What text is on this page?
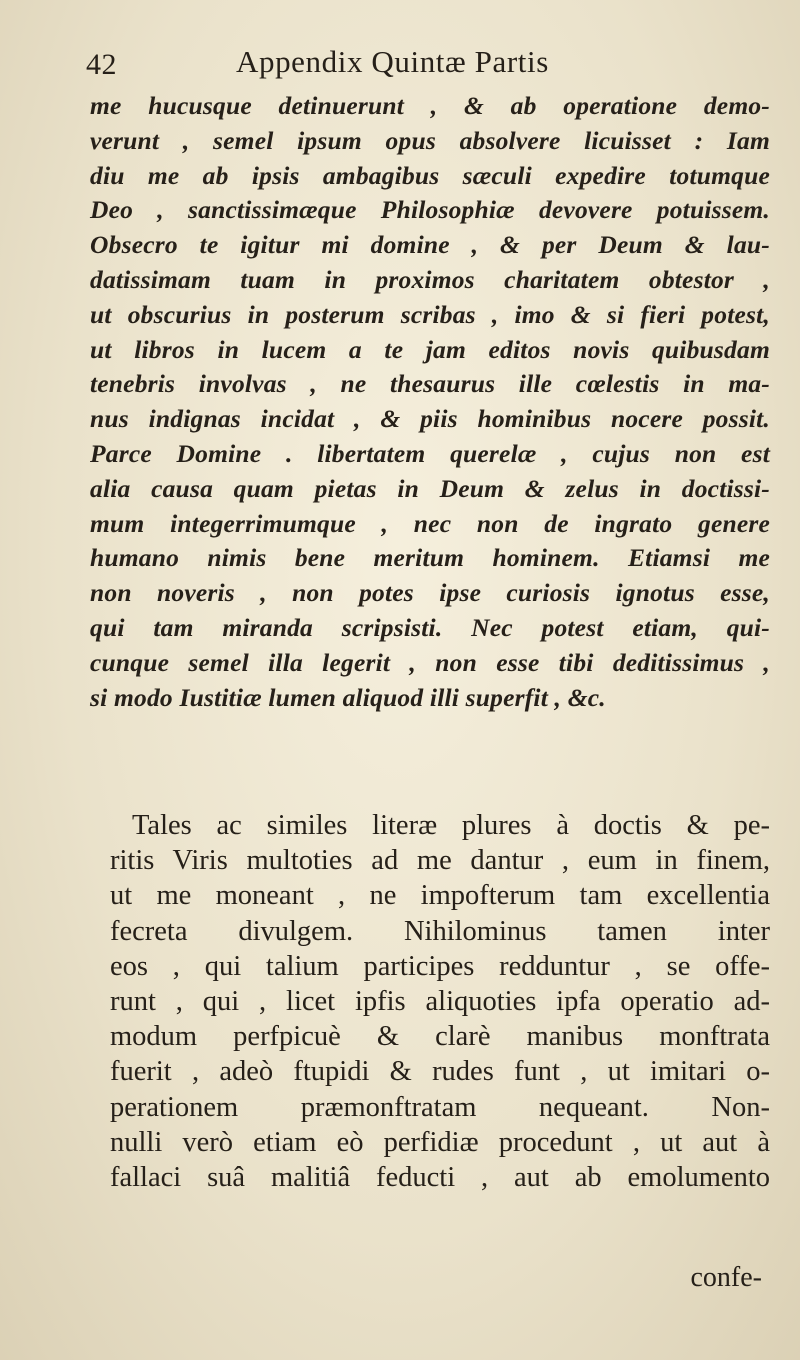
42	Appendix Quintæ Partis
me hucusque detinuerunt , & ab operatione demo-
verunt , semel ipsum opus absolvere licuisset : Iam
diu me ab ipsis ambagibus sæculi expedire totumque
Deo , sanctissimæque Philosophiæ devovere potuissem.
Obsecro te igitur mi domine , & per Deum & lau-
datissimam tuam in proximos charitatem obtestor ,
ut obscurius in posterum scribas , imo & si fieri potest,
ut libros in lucem a te jam editos novis quibusdam
tenebris involvas , ne thesaurus ille cœlestis in ma-
nus indignas incidat , & piis hominibus nocere possit.
Parce Domine . libertatem querelæ , cujus non est
alia causa quam pietas in Deum & zelus in doctissi-
mum integerrimumque , nec non de ingrato genere
humano nimis bene meritum hominem. Etiamsi me
non noveris , non potes ipse curiosis ignotus esse,
qui tam miranda scripsisti. Nec potest etiam, qui-
cunque semel illa legerit , non esse tibi deditissimus ,
si modo Iustitiæ lumen aliquod illi superfit , &c.
Tales ac similes literæ plures à doctis & pe-
ritis Viris multoties ad me dantur , eum in finem,
ut me moneant , ne impofterum tam excellentia
fecreta divulgem. Nihilominus tamen inter
eos , qui talium participes redduntur , se offe-
runt , qui , licet ipfis aliquoties ipfa operatio ad-
modum perfpicuè & clarè manibus monftrata
fuerit , adeò ftupidi & rudes funt , ut imitari o-
perationem præmonftratam nequeant. Non-
nulli verò etiam eò perfidiæ procedunt , ut aut à
fallaci suâ malitiâ feducti , aut ab emolumento
confe-
